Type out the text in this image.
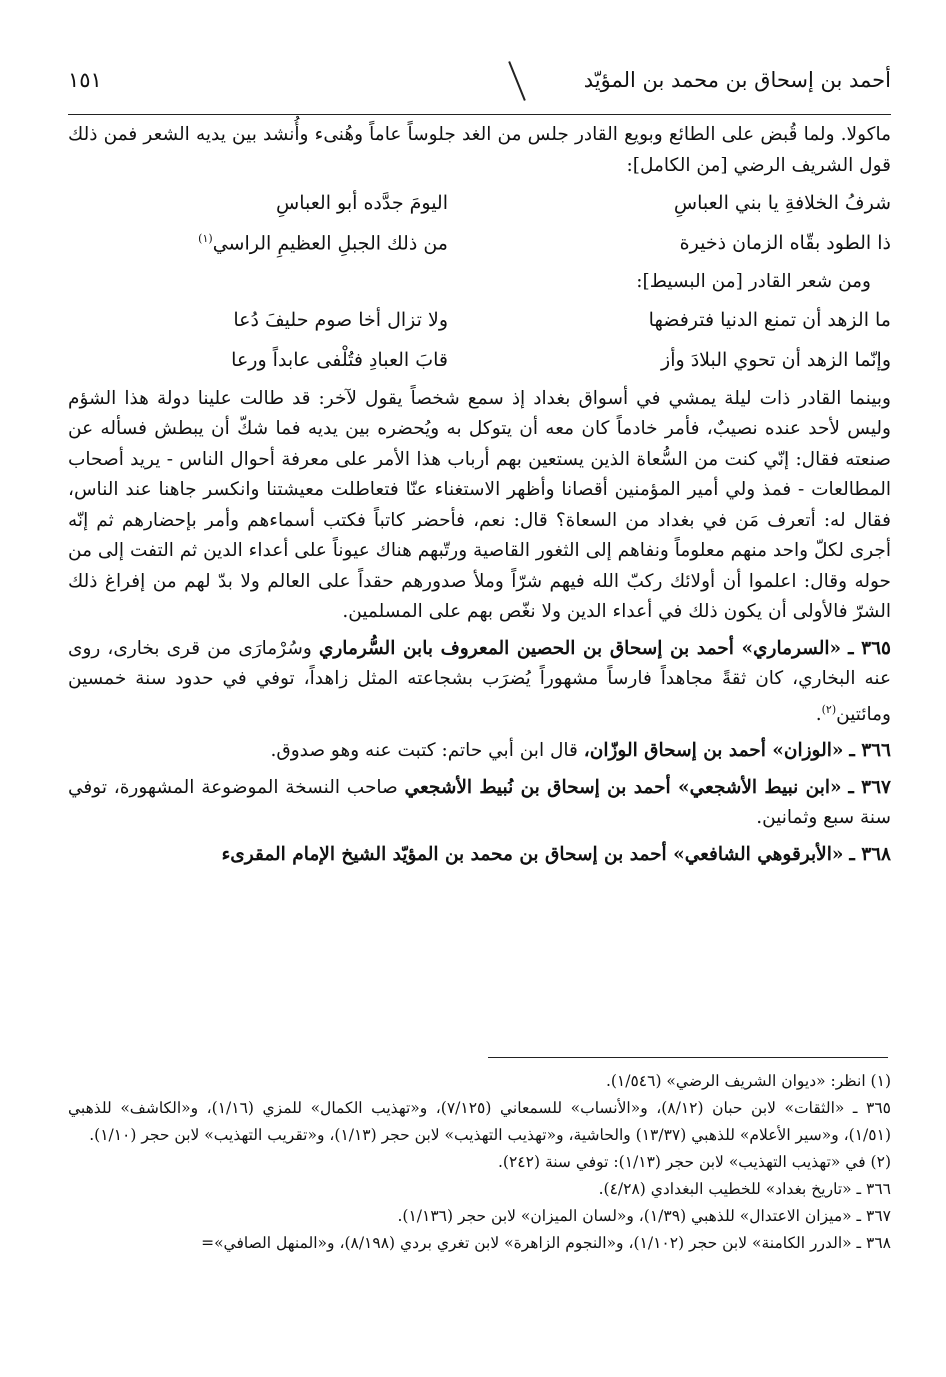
أحمد بن إسحاق بن محمد بن المؤيّد
١٥١

ماكولا. ولما قُبض على الطائع وبويع القادر جلس من الغد جلوساً عاماً وهُنىء وأُنشد بين يديه الشعر فمن ذلك قول الشريف الرضي [من الكامل]:

شرفُ الخلافةِ يا بني العباسِ
اليومَ جدَّده أبو العباسِ
ذا الطود بقّاه الزمان ذخيرة
من ذلك الجبلِ العظيمِ الراسي$^{(١)}$

ومن شعر القادر [من البسيط]:

ما الزهد أن تمنع الدنيا فترفضها
ولا تزال أخا صوم حليفَ دُعا
وإنّما الزهد أن تحوي البلادَ وأز
قابَ العبادِ فتُلْفى عابداً ورعا

وبينما القادر ذات ليلة يمشي في أسواق بغداد إذ سمع شخصاً يقول لآخر: قد طالت علينا دولة هذا الشؤم وليس لأحد عنده نصيبٌ، فأمر خادماً كان معه أن يتوكل به ويُحضره بين يديه فما شكّ أن يبطش فسأله عن صنعته فقال: إنّي كنت من السُّعاة الذين يستعين بهم أرباب هذا الأمر على معرفة أحوال الناس - يريد أصحاب المطالعات - فمذ ولي أمير المؤمنين أقصانا وأظهر الاستغناء عنّا فتعاطلت معيشتنا وانكسر جاهنا عند الناس، فقال له: أتعرف مَن في بغداد من السعاة؟ قال: نعم، فأحضر كاتباً فكتب أسماءهم وأمر بإحضارهم ثم إنّه أجرى لكلّ واحد منهم معلوماً ونفاهم إلى الثغور القاصية ورتّبهم هناك عيوناً على أعداء الدين ثم التفت إلى من حوله وقال: اعلموا أن أولائك ركبّ الله فيهم شرّاً وملأ صدورهم حقداً على العالم ولا بدّ لهم من إفراغ ذلك الشرّ فالأولى أن يكون ذلك في أعداء الدين ولا نغّص بهم على المسلمين.

٣٦٥ ـ «السرماري» أحمد بن إسحاق بن الحصين المعروف بابن السُّرماري وسُرْمارَى من قرى بخارى، روى عنه البخاري، كان ثقةً مجاهداً فارساً مشهوراً يُضرَب بشجاعته المثل زاهداً، توفي في حدود سنة خمسين ومائتين$^{(٢)}$.

٣٦٦ ـ «الوزان» أحمد بن إسحاق الوزّان، قال ابن أبي حاتم: كتبت عنه وهو صدوق.

٣٦٧ ـ «ابن نبيط الأشجعي» أحمد بن إسحاق بن نُبيط الأشجعي صاحب النسخة الموضوعة المشهورة، توفي سنة سبع وثمانين.

٣٦٨ ـ «الأبرقوهي الشافعي» أحمد بن إسحاق بن محمد بن المؤيّد الشيخ الإمام المقرىء

(١) انظر: «ديوان الشريف الرضي» (١/٥٤٦).

٣٦٥ ـ «الثقات» لابن حبان (٨/١٢)، و«الأنساب» للسمعاني (٧/١٢٥)، و«تهذيب الكمال» للمزي (١/١٦)، و«الكاشف» للذهبي (١/٥١)، و«سير الأعلام» للذهبي (١٣/٣٧) والحاشية، و«تهذيب التهذيب» لابن حجر (١/١٣)، و«تقريب التهذيب» لابن حجر (١/١٠).

(٢) في «تهذيب التهذيب» لابن حجر (١/١٣): توفي سنة (٢٤٢).

٣٦٦ ـ «تاريخ بغداد» للخطيب البغدادي (٤/٢٨).

٣٦٧ ـ «ميزان الاعتدال» للذهبي (١/٣٩)، و«لسان الميزان» لابن حجر (١/١٣٦).

٣٦٨ ـ «الدرر الكامنة» لابن حجر (١/١٠٢)، و«النجوم الزاهرة» لابن تغري بردي (٨/١٩٨)، و«المنهل الصافي»=
